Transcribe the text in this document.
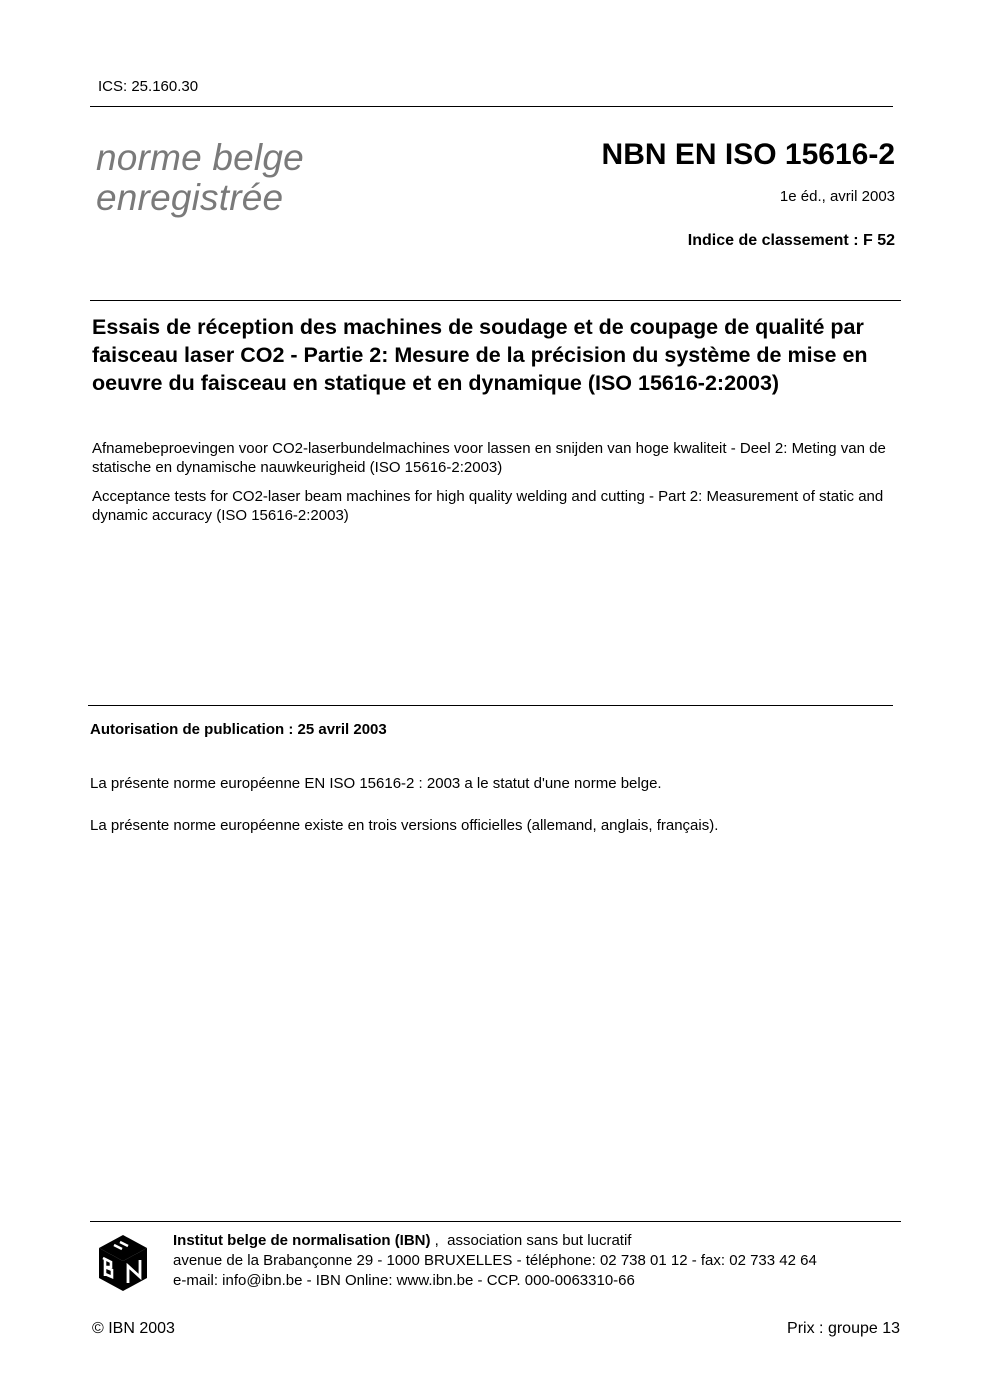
ICS: 25.160.30
norme belge
enregistrée
NBN EN ISO 15616-2
1e éd., avril 2003
Indice de classement : F 52
Essais de réception des machines de soudage et de coupage de qualité par faisceau laser CO2 - Partie 2: Mesure de la précision du système de mise en oeuvre du faisceau en statique et en dynamique (ISO 15616-2:2003)
Afnamebeproevingen voor CO2-laserbundelmachines voor lassen en snijden van hoge kwaliteit - Deel 2: Meting van de statische en dynamische nauwkeurigheid (ISO 15616-2:2003)
Acceptance tests for CO2-laser beam machines for high quality welding and cutting - Part 2: Measurement of static and dynamic accuracy (ISO 15616-2:2003)
Autorisation de publication : 25 avril 2003
La présente norme européenne EN ISO 15616-2 : 2003 a le statut d'une norme belge.
La présente norme européenne existe en trois versions officielles (allemand, anglais, français).
Institut belge de normalisation (IBN) ,  association sans but lucratif
avenue de la Brabançonne 29 - 1000 BRUXELLES - téléphone: 02 738 01 12 - fax: 02 733 42 64
e-mail: info@ibn.be - IBN Online: www.ibn.be - CCP. 000-0063310-66
© IBN 2003	Prix : groupe 13
